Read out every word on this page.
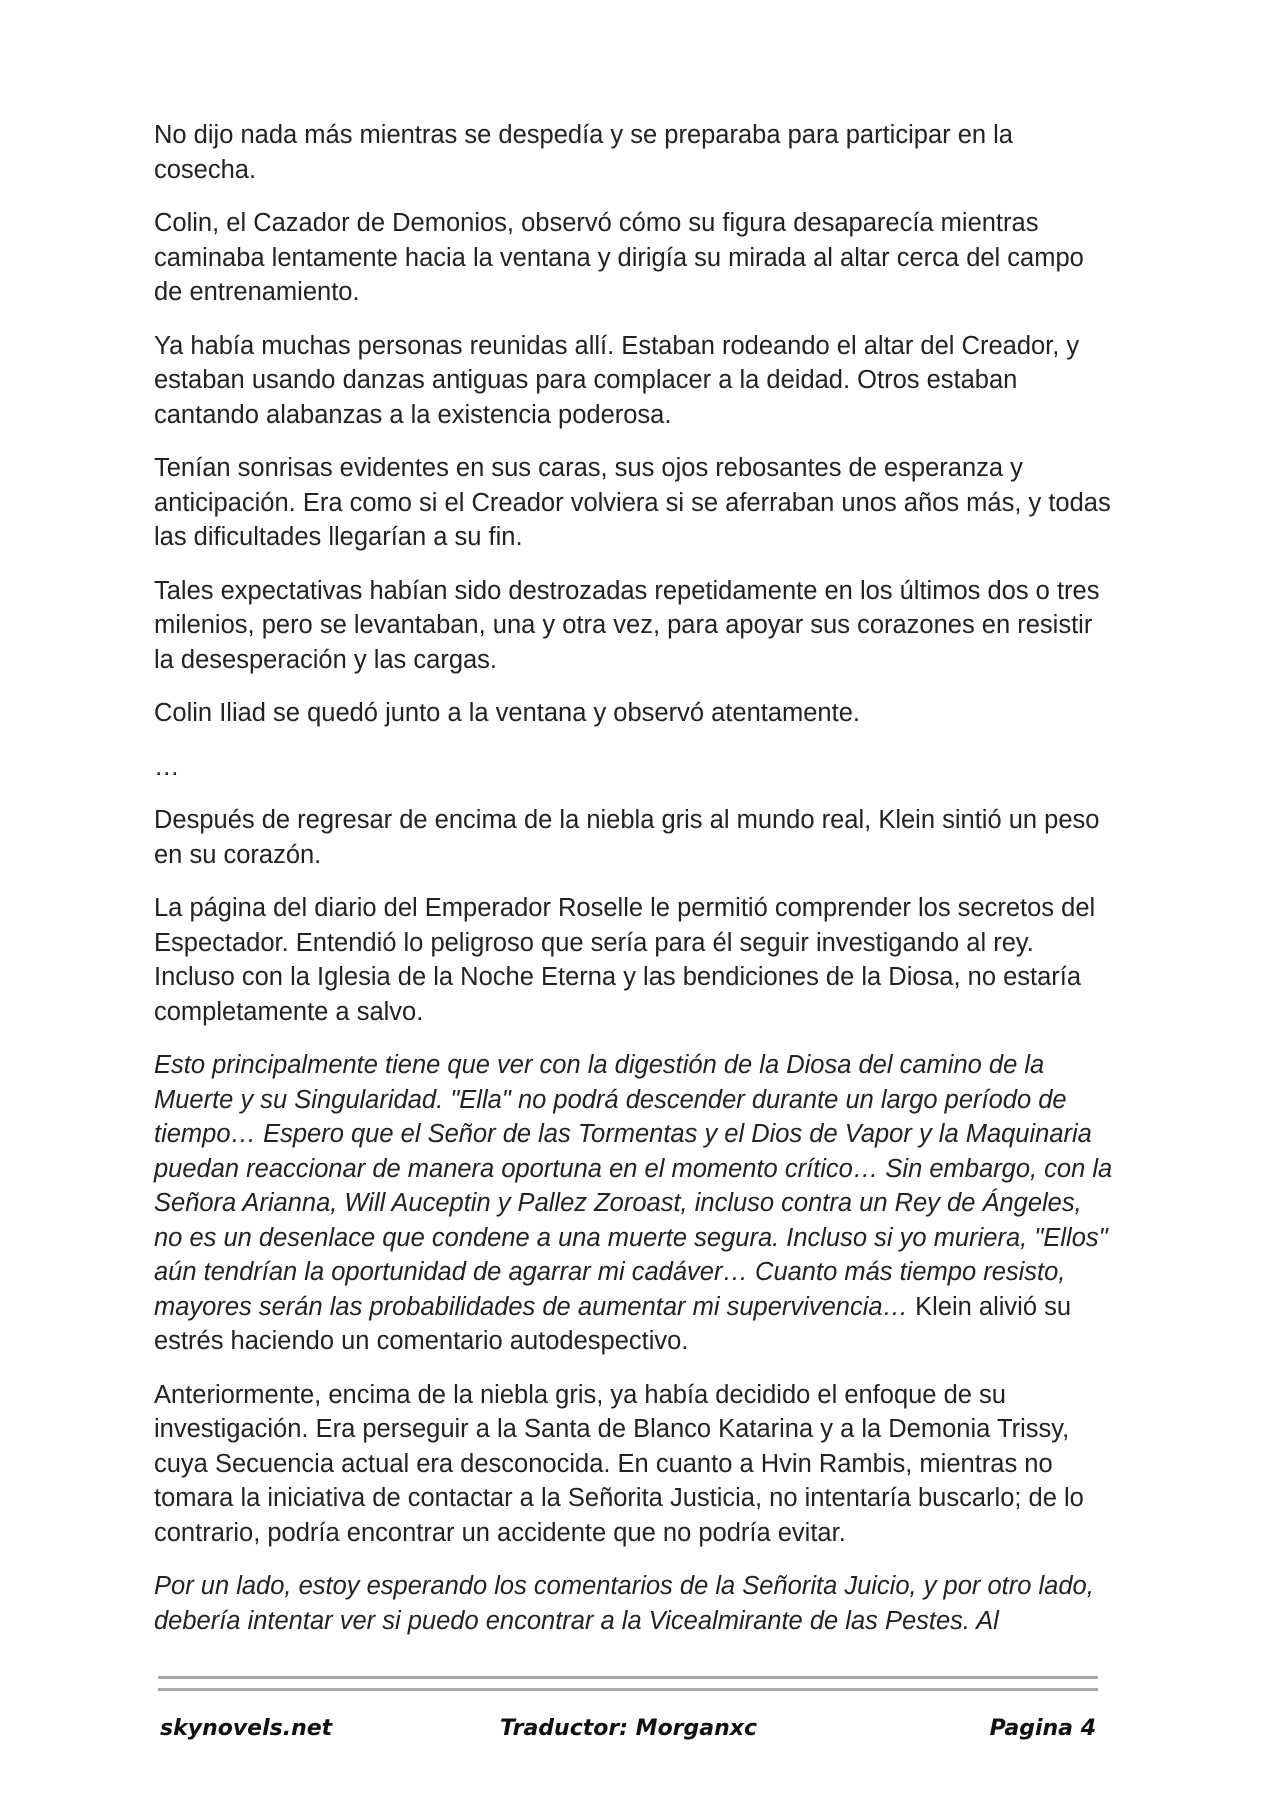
No dijo nada más mientras se despedía y se preparaba para participar en la cosecha.

Colin, el Cazador de Demonios, observó cómo su figura desaparecía mientras caminaba lentamente hacia la ventana y dirigía su mirada al altar cerca del campo de entrenamiento.

Ya había muchas personas reunidas allí. Estaban rodeando el altar del Creador, y estaban usando danzas antiguas para complacer a la deidad. Otros estaban cantando alabanzas a la existencia poderosa.

Tenían sonrisas evidentes en sus caras, sus ojos rebosantes de esperanza y anticipación. Era como si el Creador volviera si se aferraban unos años más, y todas las dificultades llegarían a su fin.

Tales expectativas habían sido destrozadas repetidamente en los últimos dos o tres milenios, pero se levantaban, una y otra vez, para apoyar sus corazones en resistir la desesperación y las cargas.

Colin Iliad se quedó junto a la ventana y observó atentamente.

…

Después de regresar de encima de la niebla gris al mundo real, Klein sintió un peso en su corazón.

La página del diario del Emperador Roselle le permitió comprender los secretos del Espectador. Entendió lo peligroso que sería para él seguir investigando al rey. Incluso con la Iglesia de la Noche Eterna y las bendiciones de la Diosa, no estaría completamente a salvo.

Esto principalmente tiene que ver con la digestión de la Diosa del camino de la Muerte y su Singularidad. "Ella" no podrá descender durante un largo período de tiempo… Espero que el Señor de las Tormentas y el Dios de Vapor y la Maquinaria puedan reaccionar de manera oportuna en el momento crítico… Sin embargo, con la Señora Arianna, Will Auceptin y Pallez Zoroast, incluso contra un Rey de Ángeles, no es un desenlace que condene a una muerte segura. Incluso si yo muriera, "Ellos" aún tendrían la oportunidad de agarrar mi cadáver… Cuanto más tiempo resisto, mayores serán las probabilidades de aumentar mi supervivencia… Klein alivió su estrés haciendo un comentario autodespectivo.

Anteriormente, encima de la niebla gris, ya había decidido el enfoque de su investigación. Era perseguir a la Santa de Blanco Katarina y a la Demonia Trissy, cuya Secuencia actual era desconocida. En cuanto a Hvin Rambis, mientras no tomara la iniciativa de contactar a la Señorita Justicia, no intentaría buscarlo; de lo contrario, podría encontrar un accidente que no podría evitar.

Por un lado, estoy esperando los comentarios de la Señorita Juicio, y por otro lado, debería intentar ver si puedo encontrar a la Vicealmirante de las Pestes. Al

skynovels.net	Traductor: Morganxc	Pagina 4
